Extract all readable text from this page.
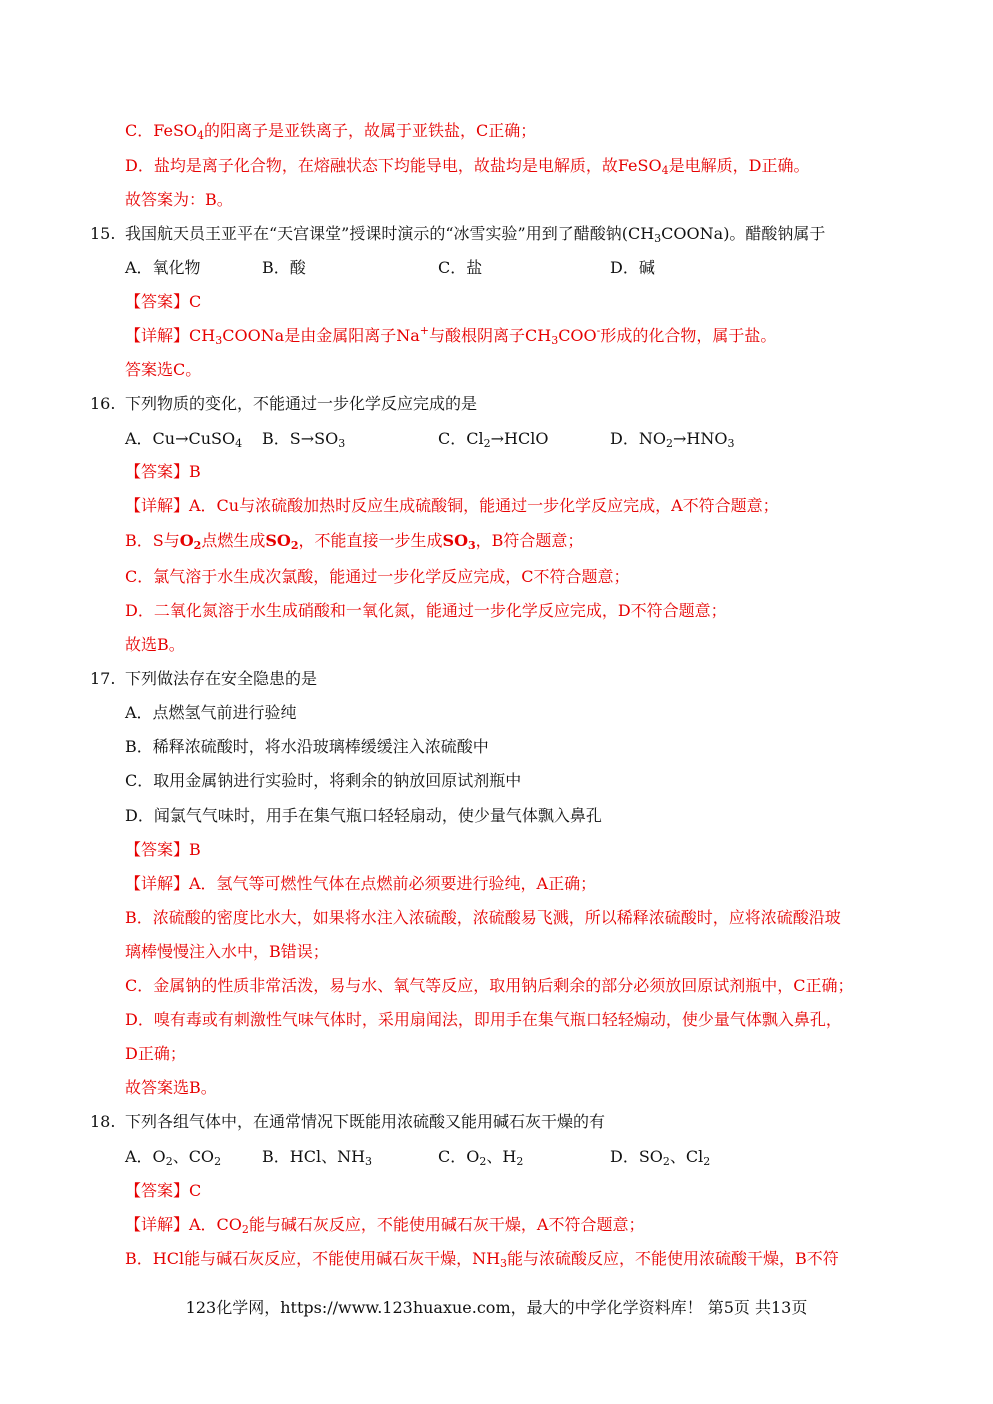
C．FeSO$_4$的阳离子是亚铁离子，故属于亚铁盐，C正确；
D．盐均是离子化合物，在熔融状态下均能导电，故盐均是电解质，故FeSO$_4$是电解质，D正确。
故答案为：B。
15. 我国航天员王亚平在“天宫课堂”授课时演示的“冰雪实验”用到了醋酸钠$(CH_3COONa)$。醋酸钠属于
A．氧化物	B．酸	C．盐	D．碱
【答案】C
【详解】$CH_3COONa$是由金属阳离子Na+与酸根阴离子$CH_3COO^-$形成的化合物，属于盐。
答案选C。
16. 下列物质的变化，不能通过一步化学反应完成的是
A．Cu→CuSO$_4$ B．$S\to SO_3$	C．$Cl_2\to HClO$	D．$NO_2\to HNO_3$
【答案】B
【详解】A．Cu与浓硫酸加热时反应生成硫酸铜，能通过一步化学反应完成，A不符合题意；
B．S与$O_2$点燃生成$SO_2$，不能直接一步生成$SO_3$，B符合题意；
C．氯气溶于水生成次氯酸，能通过一步化学反应完成，C不符合题意；
D．二氧化氮溶于水生成硝酸和一氧化氮，能通过一步化学反应完成，D不符合题意；
故选B。
17. 下列做法存在安全隐患的是
A．点燃氢气前进行验纯
B．稀释浓硫酸时，将水沿玻璃棒缓缓注入浓硫酸中
C．取用金属钠进行实验时，将剩余的钠放回原试剂瓶中
D．闻氯气气味时，用手在集气瓶口轻轻扇动，使少量气体飘入鼻孔
【答案】B
【详解】A．氢气等可燃性气体在点燃前必须要进行验纯，A正确；
B．浓硫酸的密度比水大，如果将水注入浓硫酸，浓硫酸易飞溅，所以稀释浓硫酸时，应将浓硫酸沿玻
璃棒慢慢注入水中，B错误；
C．金属钠的性质非常活泼，易与水、氧气等反应，取用钠后剩余的部分必须放回原试剂瓶中，C正确；
D．嗅有毒或有刺激性气味气体时，采用扇闻法，即用手在集气瓶口轻轻煽动，使少量气体飘入鼻孔，
D正确；
故答案选B。
18. 下列各组气体中，在通常情况下既能用浓硫酸又能用碱石灰干燥的有
A．$O_2$、$CO_2$	B．HCl、$NH_3$	C．$O_2$、$H_2$	D．$SO_2$、$Cl_2$
【答案】C
【详解】A．$CO_2$能与碱石灰反应，不能使用碱石灰干燥，A不符合题意；
B．HCl能与碱石灰反应，不能使用碱石灰干燥，$NH_3$能与浓硫酸反应，不能使用浓硫酸干燥，B不符
123化学网，https://www.123huaxue.com，最大的中学化学资料库！ 第5页 共13页
